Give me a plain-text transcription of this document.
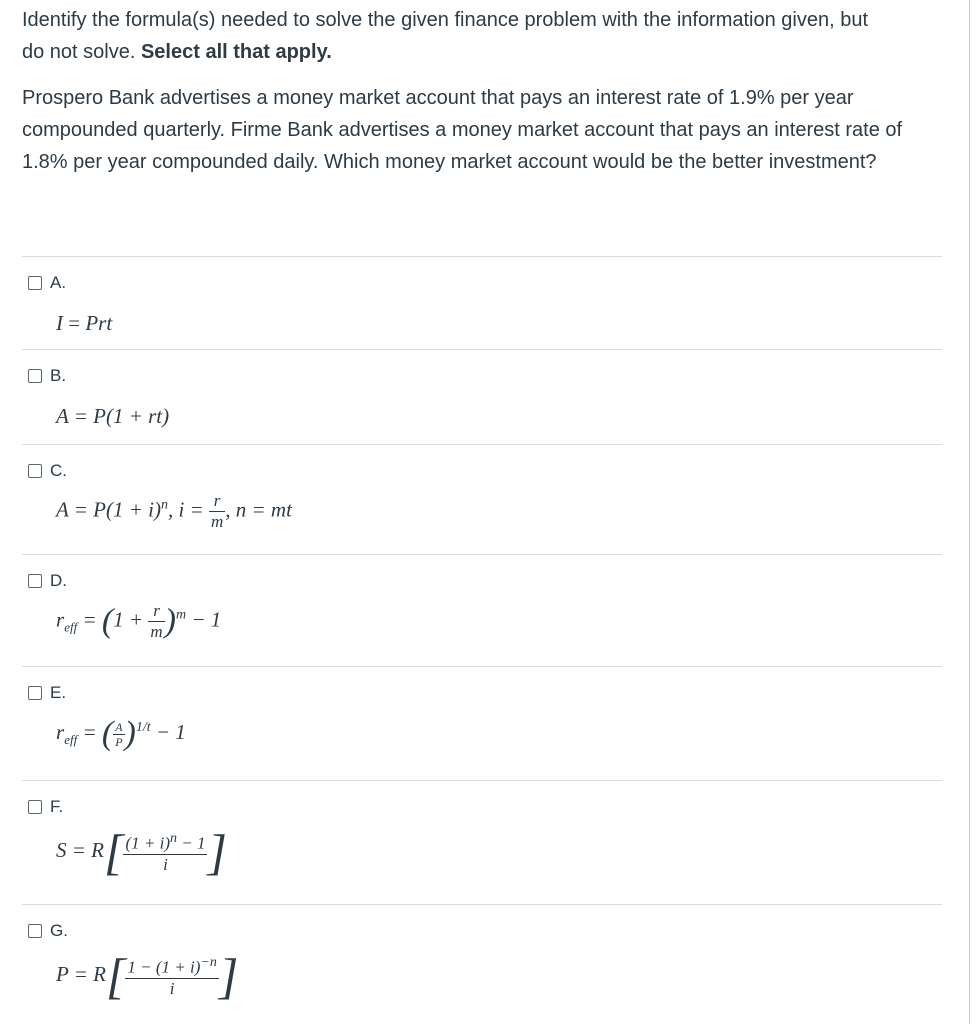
Identify the formula(s) needed to solve the given finance problem with the information given, but
do not solve. Select all that apply.
Prospero Bank advertises a money market account that pays an interest rate of 1.9% per year compounded quarterly. Firme Bank advertises a money market account that pays an interest rate of 1.8% per year compounded daily. Which money market account would be the better investment?
A.
I = Prt
B.
A = P(1 + rt)
C.
$A = P(1 + i)^n$, $i = \frac{r}{m}$ , n = mt
D.
$r_{eff} = (1 + \frac{r}{m} )^m - 1$
E.
$r_{eff}$ = ( $\frac{A}{P} )^{1/t} - 1$
F.
$S = R[ \frac{(1 + i)^n - 1}{i}$ ]
G.
$P = R[ \frac{1 - (1 + i)^{-n}}{i}$ ]
